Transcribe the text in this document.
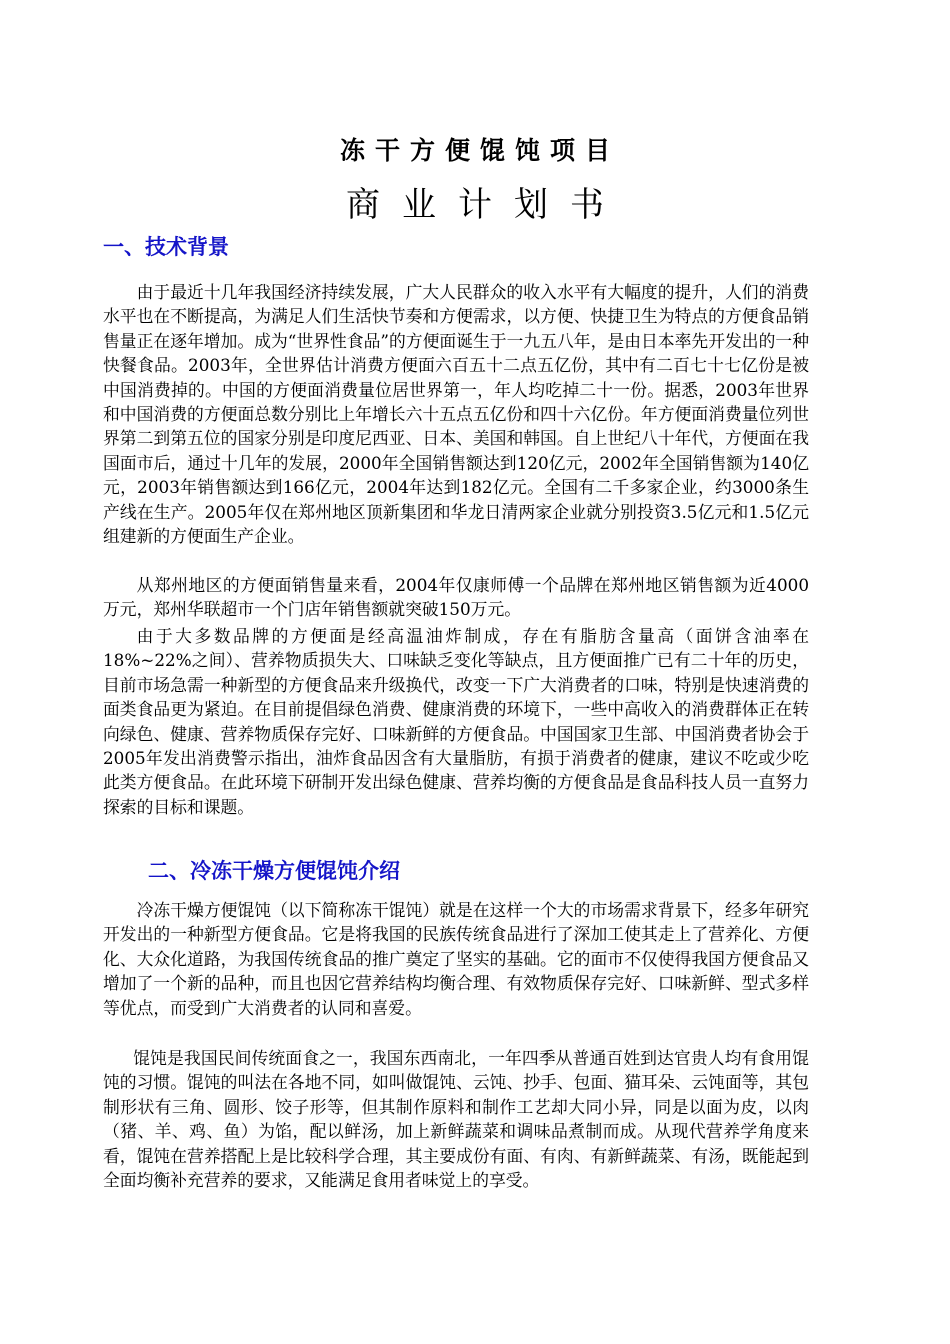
冻干方便馄饨项目
商业计划书
一、技术背景

由于最近十几年我国经济持续发展，广大人民群众的收入水平有大幅度的提升，人们的消费水平也在不断提高，为满足人们生活快节奏和方便需求，以方便、快捷卫生为特点的方便食品销售量正在逐年增加。成为“世界性食品”的方便面诞生于一九五八年，是由日本率先开发出的一种快餐食品。2003年，全世界估计消费方便面六百五十二点五亿份，其中有二百七十七亿份是被中国消费掉的。中国的方便面消费量位居世界第一，年人均吃掉二十一份。据悉，2003年世界和中国消费的方便面总数分别比上年增长六十五点五亿份和四十六亿份。年方便面消费量位列世界第二到第五位的国家分别是印度尼西亚、日本、美国和韩国。自上世纪八十年代，方便面在我国面市后，通过十几年的发展，2000年全国销售额达到120亿元，2002年全国销售额为140亿元，2003年销售额达到166亿元，2004年达到182亿元。全国有二千多家企业，约3000条生产线在生产。2005年仅在郑州地区顶新集团和华龙日清两家企业就分别投资3.5亿元和1.5亿元组建新的方便面生产企业。

从郑州地区的方便面销售量来看，2004年仅康师傅一个品牌在郑州地区销售额为近4000万元，郑州华联超市一个门店年销售额就突破150万元。

由于大多数品牌的方便面是经高温油炸制成，存在有脂肪含量高（面饼含油率在18%~22%之间）、营养物质损失大、口味缺乏变化等缺点，且方便面推广已有二十年的历史，目前市场急需一种新型的方便食品来升级换代，改变一下广大消费者的口味，特别是快速消费的面类食品更为紧迫。在目前提倡绿色消费、健康消费的环境下，一些中高收入的消费群体正在转向绿色、健康、营养物质保存完好、口味新鲜的方便食品。中国国家卫生部、中国消费者协会于2005年发出消费警示指出，油炸食品因含有大量脂肪，有损于消费者的健康，建议不吃或少吃此类方便食品。在此环境下研制开发出绿色健康、营养均衡的方便食品是食品科技人员一直努力探索的目标和课题。

二、冷冻干燥方便馄饨介绍

冷冻干燥方便馄饨（以下简称冻干馄饨）就是在这样一个大的市场需求背景下，经多年研究开发出的一种新型方便食品。它是将我国的民族传统食品进行了深加工使其走上了营养化、方便化、大众化道路，为我国传统食品的推广奠定了坚实的基础。它的面市不仅使得我国方便食品又增加了一个新的品种，而且也因它营养结构均衡合理、有效物质保存完好、口味新鲜、型式多样等优点，而受到广大消费者的认同和喜爱。

馄饨是我国民间传统面食之一，我国东西南北，一年四季从普通百姓到达官贵人均有食用馄饨的习惯。馄饨的叫法在各地不同，如叫做馄饨、云饨、抄手、包面、猫耳朵、云饨面等，其包制形状有三角、圆形、饺子形等，但其制作原料和制作工艺却大同小异，同是以面为皮，以肉（猪、羊、鸡、鱼）为馅，配以鲜汤，加上新鲜蔬菜和调味品煮制而成。从现代营养学角度来看，馄饨在营养搭配上是比较科学合理，其主要成份有面、有肉、有新鲜蔬菜、有汤，既能起到全面均衡补充营养的要求，又能满足食用者味觉上的享受。
